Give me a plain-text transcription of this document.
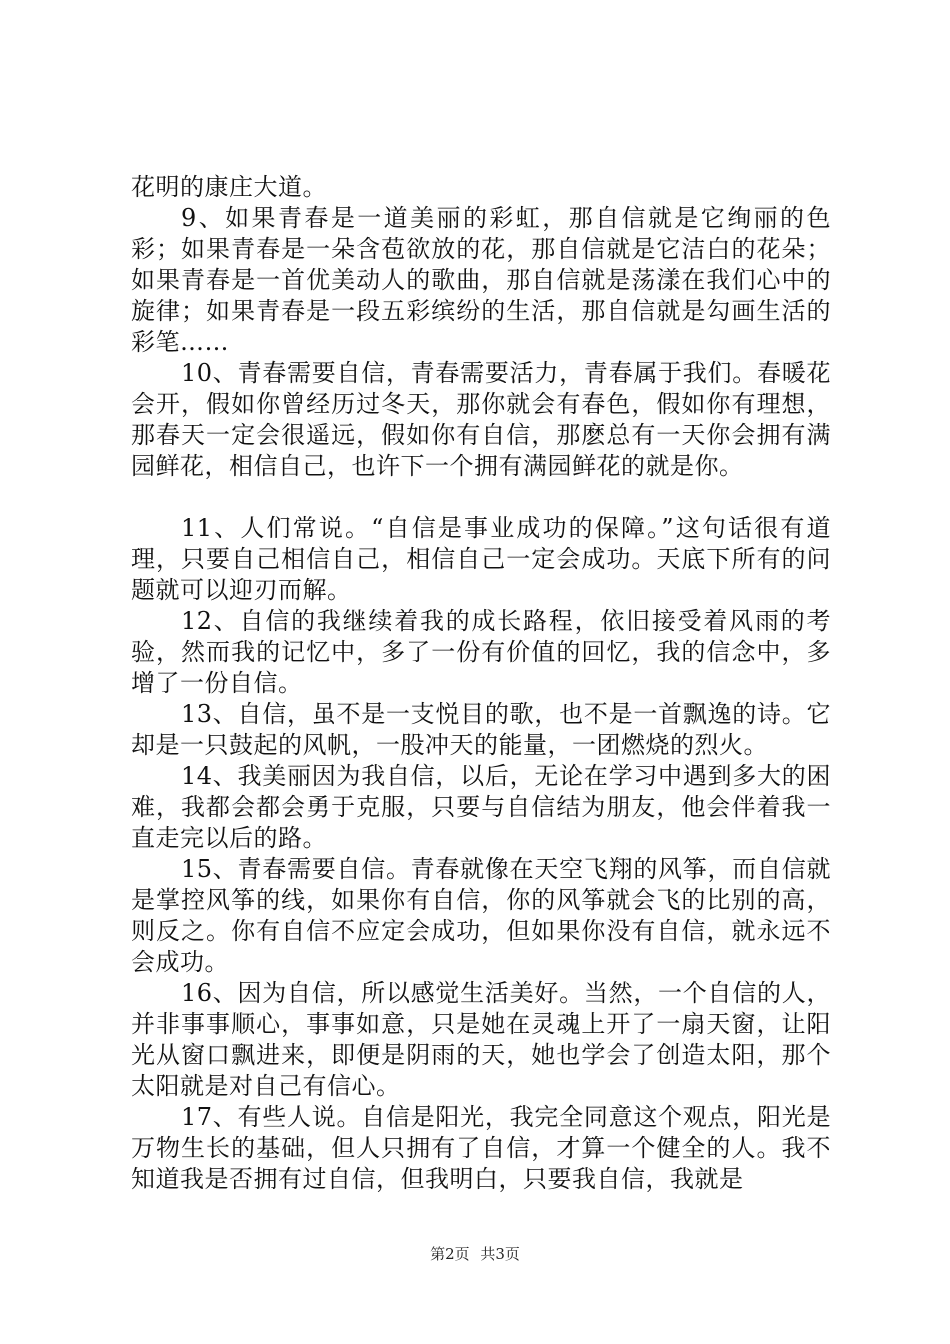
花明的康庄大道。

9、如果青春是一道美丽的彩虹，那自信就是它绚丽的色彩；如果青春是一朵含苞欲放的花，那自信就是它洁白的花朵；如果青春是一首优美动人的歌曲，那自信就是荡漾在我们心中的旋律；如果青春是一段五彩缤纷的生活，那自信就是勾画生活的彩笔……

10、青春需要自信，青春需要活力，青春属于我们。春暖花会开，假如你曾经历过冬天，那你就会有春色，假如你有理想，那春天一定会很遥远，假如你有自信，那麽总有一天你会拥有满园鲜花，相信自己，也许下一个拥有满园鲜花的就是你。

11、人们常说。“自信是事业成功的保障。”这句话很有道理，只要自己相信自己，相信自己一定会成功。天底下所有的问题就可以迎刃而解。

12、自信的我继续着我的成长路程，依旧接受着风雨的考验，然而我的记忆中，多了一份有价值的回忆，我的信念中，多增了一份自信。

13、自信，虽不是一支悦目的歌，也不是一首飘逸的诗。它却是一只鼓起的风帆，一股冲天的能量，一团燃烧的烈火。

14、我美丽因为我自信，以后，无论在学习中遇到多大的困难，我都会都会勇于克服，只要与自信结为朋友，他会伴着我一直走完以后的路。

15、青春需要自信。青春就像在天空飞翔的风筝，而自信就是掌控风筝的线，如果你有自信，你的风筝就会飞的比别的高，则反之。你有自信不应定会成功，但如果你没有自信，就永远不会成功。

16、因为自信，所以感觉生活美好。当然，一个自信的人，并非事事顺心，事事如意，只是她在灵魂上开了一扇天窗，让阳光从窗口飘进来，即便是阴雨的天，她也学会了创造太阳，那个太阳就是对自己有信心。

17、有些人说。自信是阳光，我完全同意这个观点，阳光是万物生长的基础，但人只拥有了自信，才算一个健全的人。我不知道我是否拥有过自信，但我明白，只要我自信，我就是

第2页 共3页
